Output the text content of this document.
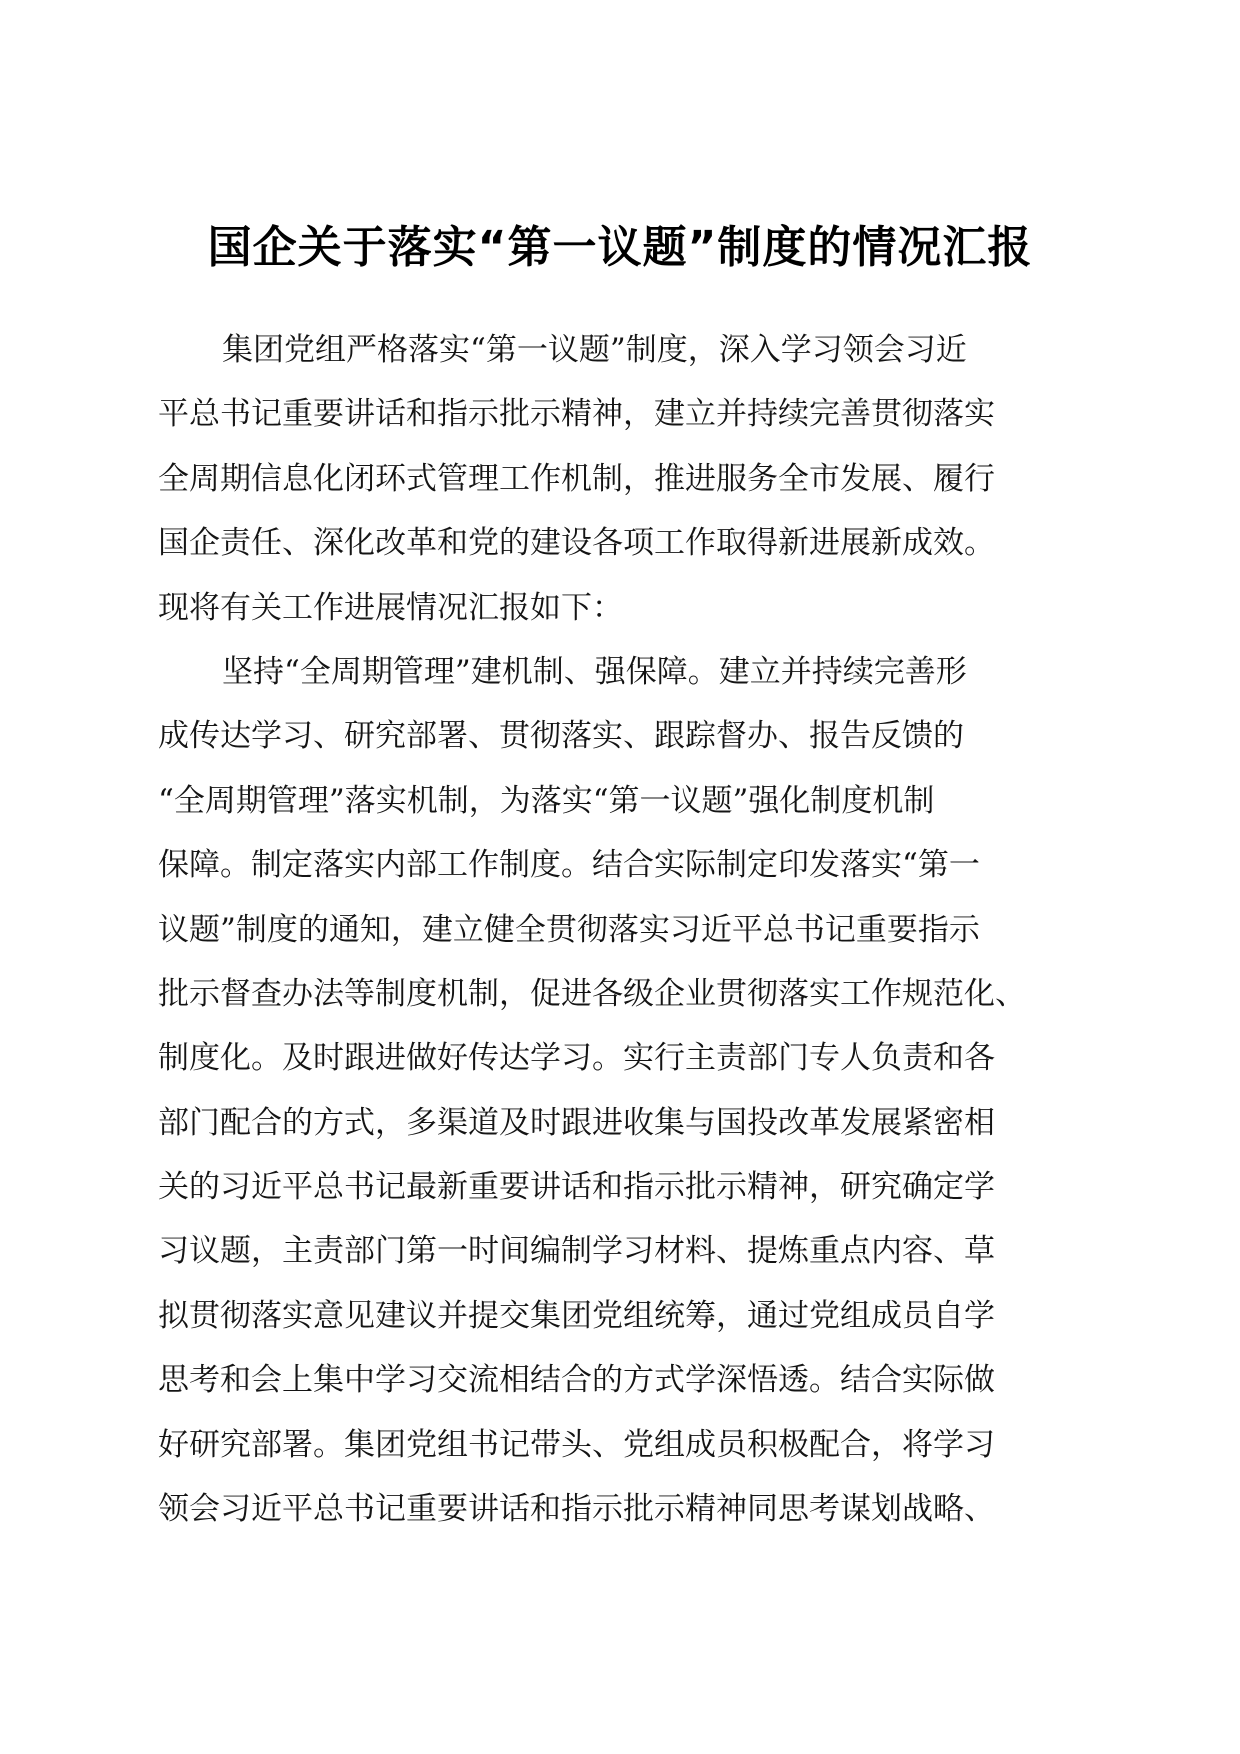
国企关于落实“第一议题”制度的情况汇报
集团党组严格落实“第一议题”制度，深入学习领会习近
平总书记重要讲话和指示批示精神，建立并持续完善贯彻落实
全周期信息化闭环式管理工作机制，推进服务全市发展、履行
国企责任、深化改革和党的建设各项工作取得新进展新成效。
现将有关工作进展情况汇报如下：
坚持“全周期管理”建机制、强保障。建立并持续完善形
成传达学习、研究部署、贯彻落实、跟踪督办、报告反馈的
“全周期管理”落实机制，为落实“第一议题”强化制度机制
保障。制定落实内部工作制度。结合实际制定印发落实“第一
议题”制度的通知，建立健全贯彻落实习近平总书记重要指示
批示督查办法等制度机制，促进各级企业贯彻落实工作规范化、
制度化。及时跟进做好传达学习。实行主责部门专人负责和各
部门配合的方式，多渠道及时跟进收集与国投改革发展紧密相
关的习近平总书记最新重要讲话和指示批示精神，研究确定学
习议题，主责部门第一时间编制学习材料、提炼重点内容、草
拟贯彻落实意见建议并提交集团党组统筹，通过党组成员自学
思考和会上集中学习交流相结合的方式学深悟透。结合实际做
好研究部署。集团党组书记带头、党组成员积极配合，将学习
领会习近平总书记重要讲话和指示批示精神同思考谋划战略、
